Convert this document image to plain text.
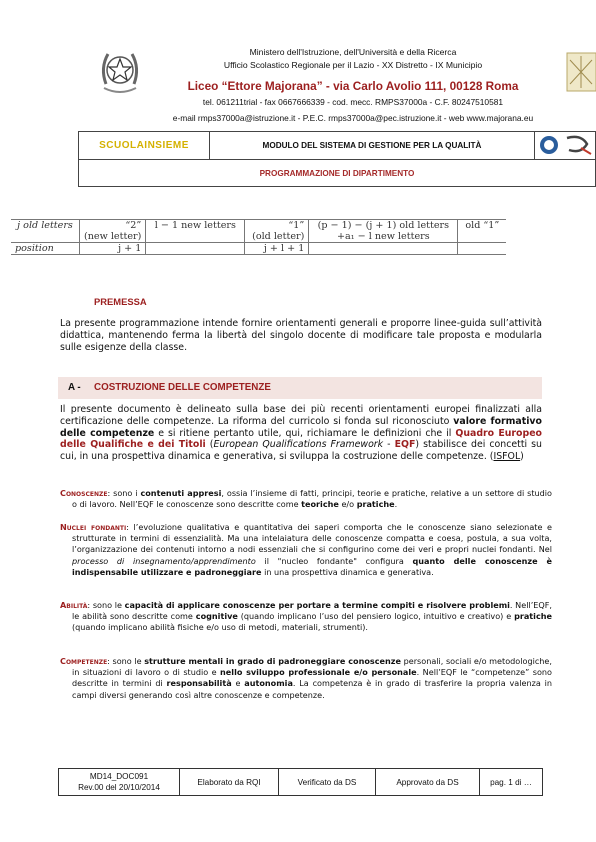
Ministero dell'Istruzione, dell'Università e della Ricerca
Ufficio Scolastico Regionale per il Lazio - XX Distretto - IX Municipio
Liceo “Ettore Majorana” - via Carlo Avolio 111, 00128 Roma
tel. 061211trial - fax 0667666339 - cod. mecc. RMPS37000a - C.F. 80247510581
e-mail rmps37000a@istruzione.it - P.E.C. rmps37000a@pec.istruzione.it - web www.majorana.eu
SCUOLAINSIEME	MODULO DEL SISTEMA DI GESTIONE PER LA QUALITÀ	
PROGRAMMAZIONE DI DIPARTIMENTO
j old letters	“2”	l − 1 new letters	“1”	(p − 1) − (j + 1) old letters	old “1”
	(new letter)		(old letter)	+a₁ − l new letters	
position	j + 1		j + l + 1		
PREMESSA
La presente programmazione intende fornire orientamenti generali e proporre linee-guida sull’attività didattica, mantenendo ferma la libertà del singolo docente di modificare tale proposta e modularla sulle esigenze della classe.
A - COSTRUZIONE DELLE COMPETENZE
Il presente documento è delineato sulla base dei più recenti orientamenti europei finalizzati alla certificazione delle competenze. La riforma del curricolo si fonda sul riconosciuto valore formativo delle competenze e si ritiene pertanto utile, qui, richiamare le definizioni che il Quadro Europeo delle Qualifiche e dei Titoli (European Qualifications Framework - EQF) stabilisce dei concetti su cui, in una prospettiva dinamica e generativa, si sviluppa la costruzione delle competenze. (ISFOL)
Conoscenze: sono i contenuti appresi, ossia l’insieme di fatti, principi, teorie e pratiche, relative a un settore di studio o di lavoro. Nell’EQF le conoscenze sono descritte come teoriche e/o pratiche.
Nuclei fondanti: l’evoluzione qualitativa e quantitativa dei saperi comporta che le conoscenze siano selezionate e strutturate in termini di essenzialità. Ma una intelaiatura delle conoscenze compatta e coesa, postula, a sua volta, l’organizzazione dei contenuti intorno a nodi essenziali che si configurino come dei veri e propri nuclei fondanti. Nel processo di insegnamento/apprendimento il "nucleo fondante" configura quanto delle conoscenze è indispensabile utilizzare e padroneggiare in una prospettiva dinamica e generativa.
Abilità: sono le capacità di applicare conoscenze per portare a termine compiti e risolvere problemi. Nell’EQF, le abilità sono descritte come cognitive (quando implicano l’uso del pensiero logico, intuitivo e creativo) e pratiche (quando implicano abilità fisiche e/o uso di metodi, materiali, strumenti).
Competenze: sono le strutture mentali in grado di padroneggiare conoscenze personali, sociali e/o metodologiche, in situazioni di lavoro o di studio e nello sviluppo professionale e/o personale. Nell’EQF le “competenze” sono descritte in termini di responsabilità e autonomia. La competenza è in grado di trasferire la propria valenza in campi diversi generando così altre conoscenze e competenze.
MD14_DOC091
Rev.00 del 20/10/2014
	Elaborato da RQI	Verificato da DS	Approvato da DS	pag. 1 di …
